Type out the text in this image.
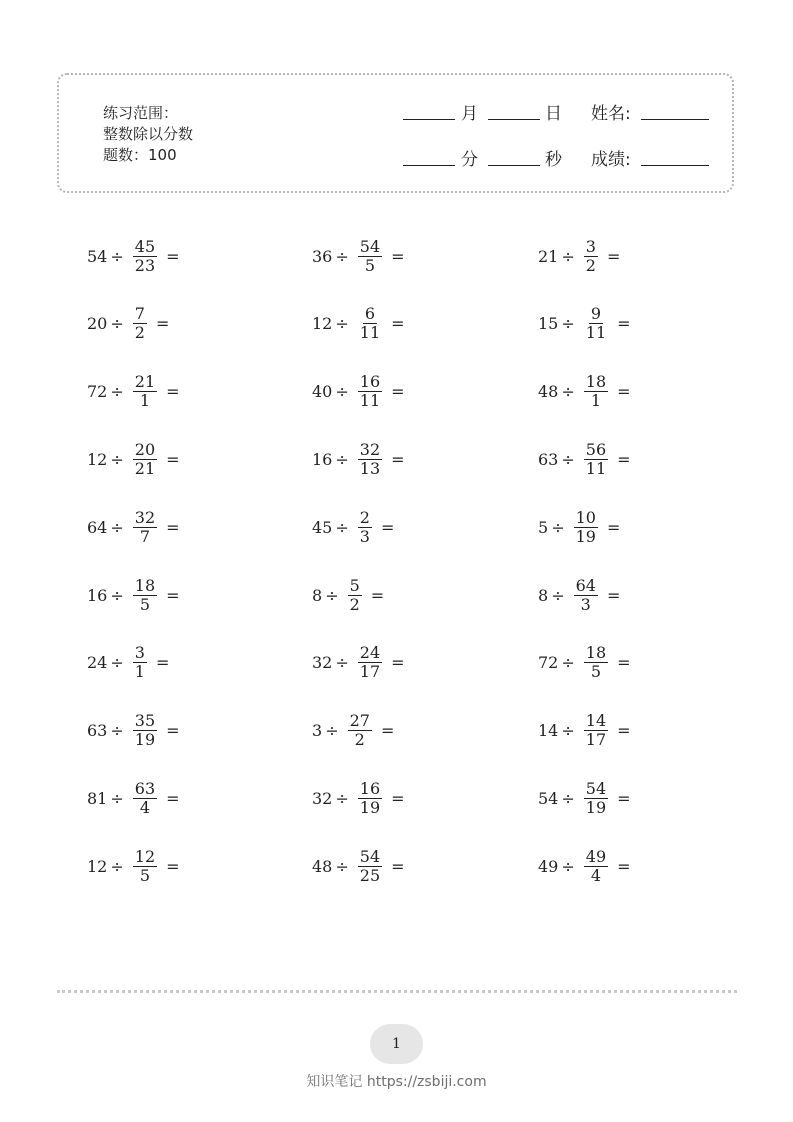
练习范围：
整数除以分数
题数：100
月	日 姓名:
分	秒 成绩:
$54 \div \frac{45}{23}$ =	$36 \div \frac{54}{5}$ =	$21 \div \frac{3}{2}$ =
$20 \div \frac{7}{2}$ =	$12 \div \frac{6}{11}$ =	$15 \div \frac{9}{11}$ =
$72 \div \frac{21}{1}$ =	$40 \div \frac{16}{11}$ =	$48 \div \frac{18}{1}$ =
$12 \div \frac{20}{21}$ =	$16 \div \frac{32}{13}$ =	$63 \div \frac{56}{11}$ =
$64 \div \frac{32}{7}$ =	$45 \div \frac{2}{3}$ =	$5 \div \frac{10}{19}$ =
$16 \div \frac{18}{5}$ =	$8 \div \frac{5}{2}$ =	$8 \div \frac{64}{3}$ =
$24 \div \frac{3}{1}$ =	$32 \div \frac{24}{17}$ =	$72 \div \frac{18}{5}$ =
$63 \div \frac{35}{19}$ =	$3 \div \frac{27}{2}$ =	$14 \div \frac{14}{17}$ =
$81 \div \frac{63}{4}$ =	$32 \div \frac{16}{19}$ =	$54 \div \frac{54}{19}$ =
$12 \div \frac{12}{5}$ =	$48 \div \frac{54}{25}$ =	$49 \div \frac{49}{4}$ =
1
知识笔记 https://zsbiji.com
